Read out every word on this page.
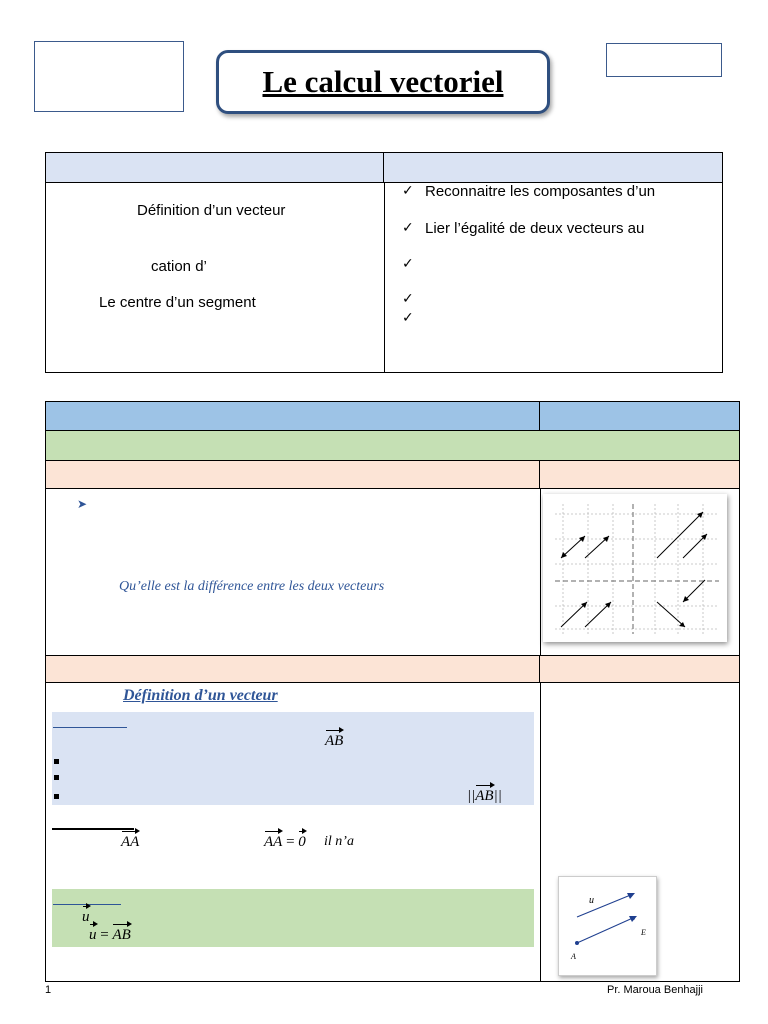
Le calcul vectoriel
Définition d’un vecteur
cation d’
Le centre d’un segment
✓ Reconnaitre les composantes d’un
✓ Lier l’égalité de deux vecteurs au
✓
✓
✓
➤
Qu’elle est la différence entre les deux vecteurs
Définition d’un vecteur
AB
||AB||
AA	AA = 0 il n’a
u
u = AB
u
A
E
1	Pr. Maroua Benhajji
